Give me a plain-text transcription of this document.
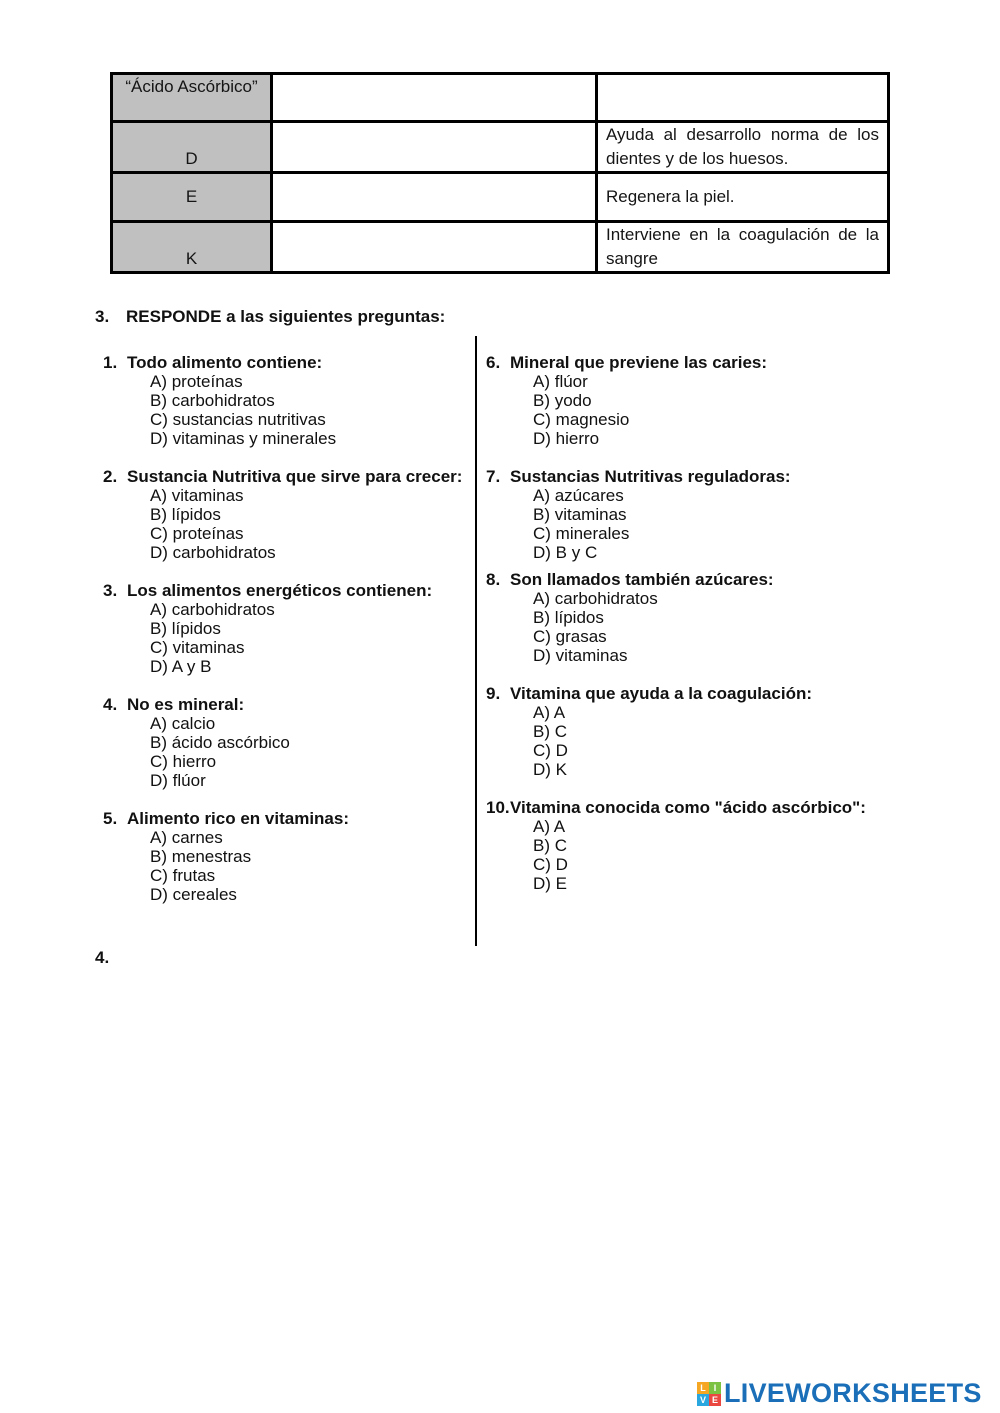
“Ácido Ascórbico”		
D		Ayuda al desarrollo norma de los dientes y de los huesos.
E		Regenera la piel.
K		Interviene en la coagulación de la sangre
3. RESPONDE a las siguientes preguntas:
1. Todo alimento contiene:
A) proteínas
B) carbohidratos
C) sustancias nutritivas
D) vitaminas y minerales
2. Sustancia Nutritiva que sirve para crecer:
A) vitaminas
B) lípidos
C) proteínas
D) carbohidratos
3. Los alimentos energéticos contienen:
A) carbohidratos
B) lípidos
C) vitaminas
D) A y B
4. No es mineral:
A) calcio
B) ácido ascórbico
C) hierro
D) flúor
5. Alimento rico en vitaminas:
A) carnes
B) menestras
C) frutas
D) cereales
6. Mineral que previene las caries:
A) flúor
B) yodo
C) magnesio
D) hierro
7. Sustancias Nutritivas reguladoras:
A) azúcares
B) vitaminas
C) minerales
D) B y C
8. Son llamados también azúcares:
A) carbohidratos
B) lípidos
C) grasas
D) vitaminas
9. Vitamina que ayuda a la coagulación:
A) A
B) C
C) D
D) K
10. Vitamina conocida como "ácido ascórbico":
A) A
B) C
C) D
D) E
4.
L I
V E LIVEWORKSHEETS
